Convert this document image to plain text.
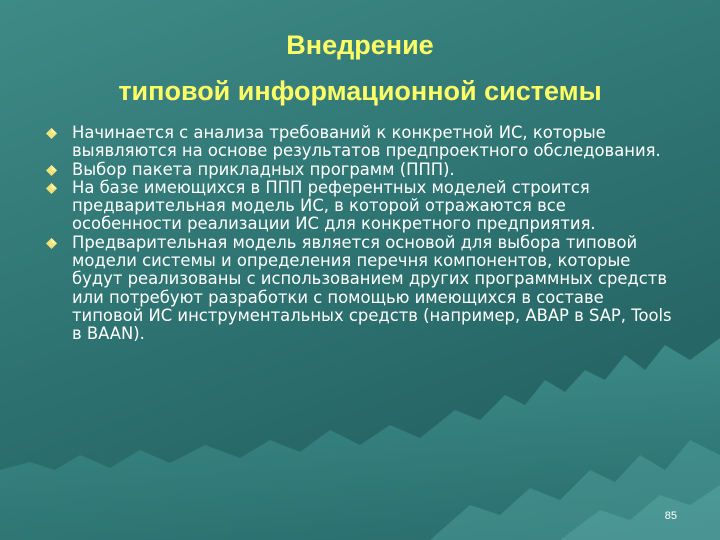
Внедрение
типовой информационной системы
Начинается с анализа требований к конкретной ИС, которые выявляются на основе результатов предпроектного обследования.
Выбор пакета прикладных программ (ППП).
На базе имеющихся в ППП референтных моделей строится предварительная модель ИС, в которой отражаются все особенности реализации ИС для конкретного предприятия.
Предварительная модель является основой для выбора типовой модели системы и определения перечня компонентов, которые будут реализованы с использованием других программных средств или потребуют разработки с помощью имеющихся в составе типовой ИС инструментальных средств (например, ABAP в SAP, Tools в BAAN).
85
